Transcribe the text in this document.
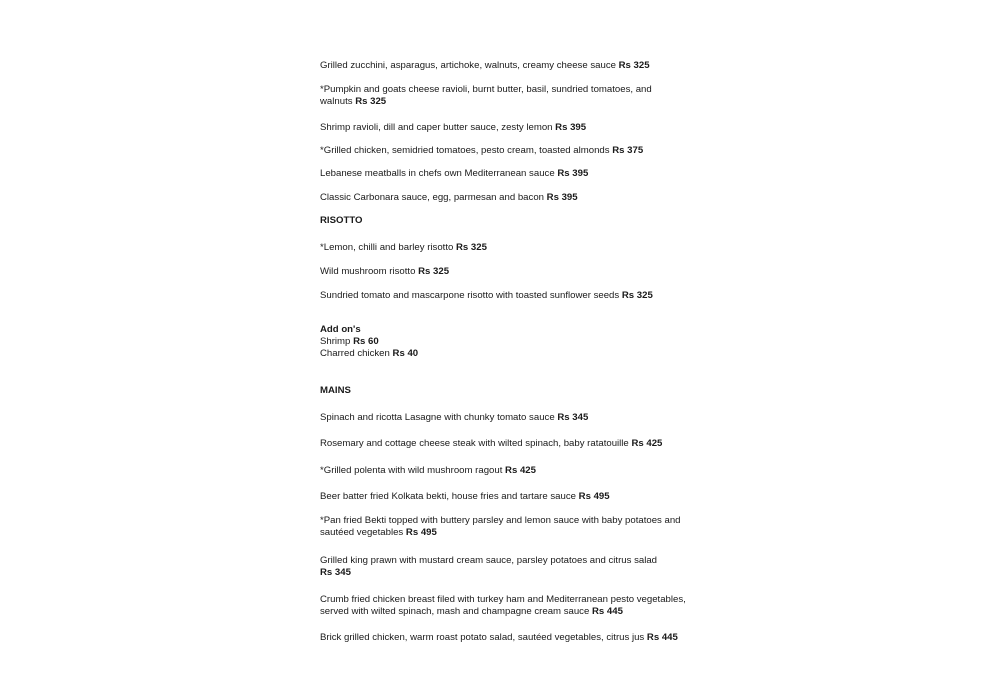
Grilled zucchini, asparagus, artichoke, walnuts, creamy cheese sauce Rs 325

*Pumpkin and goats cheese ravioli, burnt butter, basil, sundried tomatoes, and walnuts Rs 325

Shrimp ravioli, dill and caper butter sauce, zesty lemon Rs 395

*Grilled chicken, semidried tomatoes, pesto cream, toasted almonds Rs 375

Lebanese meatballs in chefs own Mediterranean sauce Rs 395

Classic Carbonara sauce, egg, parmesan and bacon Rs 395

RISOTTO

*Lemon, chilli and barley risotto Rs 325

Wild mushroom risotto Rs 325

Sundried tomato and mascarpone risotto with toasted sunflower seeds Rs 325

Add on's

Shrimp Rs 60

Charred chicken Rs 40

MAINS

Spinach and ricotta Lasagne with chunky tomato sauce Rs 345

Rosemary and cottage cheese steak with wilted spinach, baby ratatouille Rs 425

*Grilled polenta with wild mushroom ragout Rs 425

Beer batter fried Kolkata bekti, house fries and tartare sauce Rs 495

*Pan fried Bekti topped with buttery parsley and lemon sauce with baby potatoes and sautéed vegetables Rs 495

Grilled king prawn with mustard cream sauce, parsley potatoes and citrus salad
Rs 345

Crumb fried chicken breast filed with turkey ham and Mediterranean pesto vegetables, served with wilted spinach, mash and champagne cream sauce Rs 445

Brick grilled chicken, warm roast potato salad, sautéed vegetables, citrus jus Rs 445
